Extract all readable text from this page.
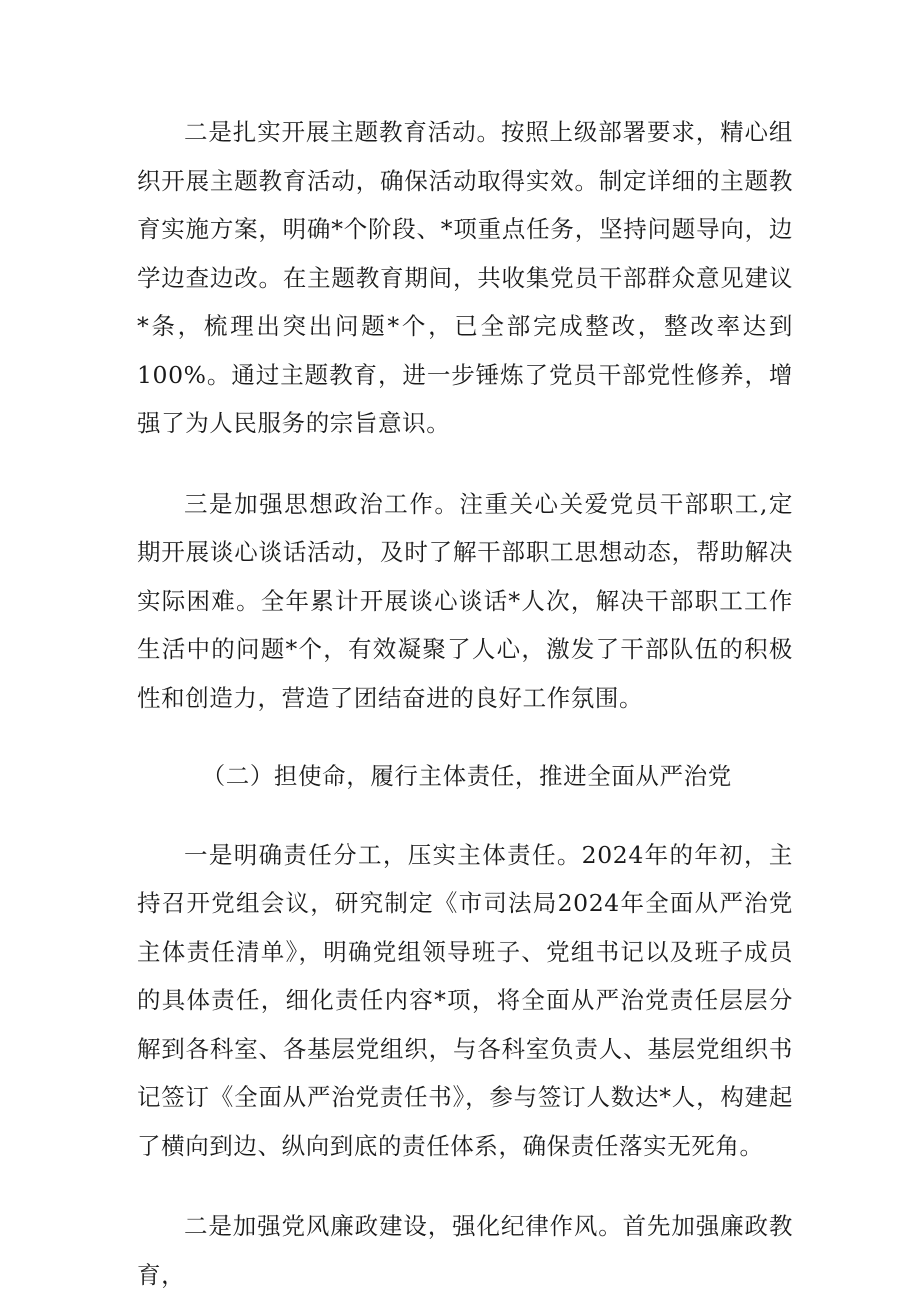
二是扎实开展主题教育活动。按照上级部署要求，精心组织开展主题教育活动，确保活动取得实效。制定详细的主题教育实施方案，明确*个阶段、*项重点任务，坚持问题导向，边学边查边改。在主题教育期间，共收集党员干部群众意见建议*条，梳理出突出问题*个，已全部完成整改，整改率达到100%。通过主题教育，进一步锤炼了党员干部党性修养，增强了为人民服务的宗旨意识。

三是加强思想政治工作。注重关心关爱党员干部职工,定期开展谈心谈话活动，及时了解干部职工思想动态，帮助解决实际困难。全年累计开展谈心谈话*人次，解决干部职工工作生活中的问题*个，有效凝聚了人心，激发了干部队伍的积极性和创造力，营造了团结奋进的良好工作氛围。

（二）担使命，履行主体责任，推进全面从严治党

一是明确责任分工，压实主体责任。2024年的年初，主持召开党组会议，研究制定《市司法局2024年全面从严治党主体责任清单》，明确党组领导班子、党组书记以及班子成员的具体责任，细化责任内容*项，将全面从严治党责任层层分解到各科室、各基层党组织，与各科室负责人、基层党组织书记签订《全面从严治党责任书》，参与签订人数达*人，构建起了横向到边、纵向到底的责任体系，确保责任落实无死角。

二是加强党风廉政建设，强化纪律作风。首先加强廉政教育，
